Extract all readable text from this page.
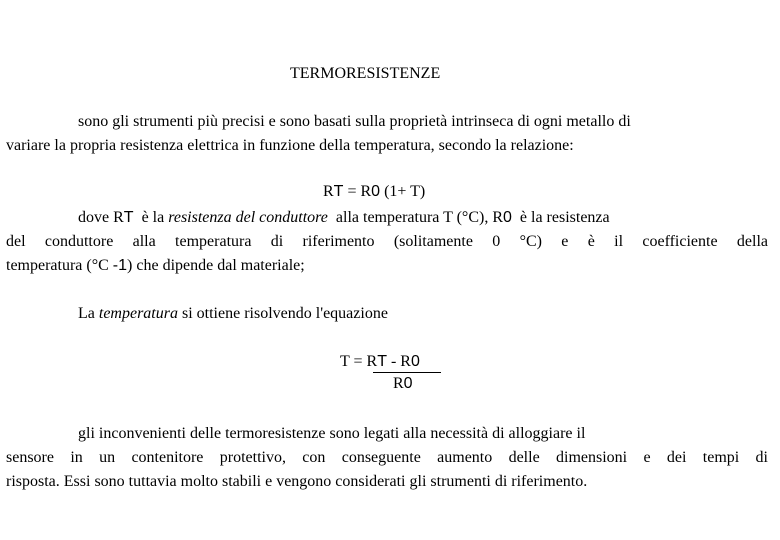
TERMORESISTENZE
sono gli strumenti più precisi e sono basati sulla proprietà intrinseca di ogni metallo di
variare la propria resistenza elettrica in funzione della temperatura, secondo la relazione:
RT = R0 (1+ T)
dove RT  è la resistenza del conduttore  alla temperatura T (°C), R0  è la resistenza
del conduttore alla temperatura di riferimento (solitamente 0 °C) e è il coefficiente della
temperatura (°C -1) che dipende dal materiale;
La temperatura si ottiene risolvendo l'equazione
T = RT - R0
R0
gli inconvenienti delle termoresistenze sono legati alla necessità di alloggiare il
sensore in un contenitore protettivo, con conseguente aumento delle dimensioni e dei tempi di
risposta. Essi sono tuttavia molto stabili e vengono considerati gli strumenti di riferimento.
